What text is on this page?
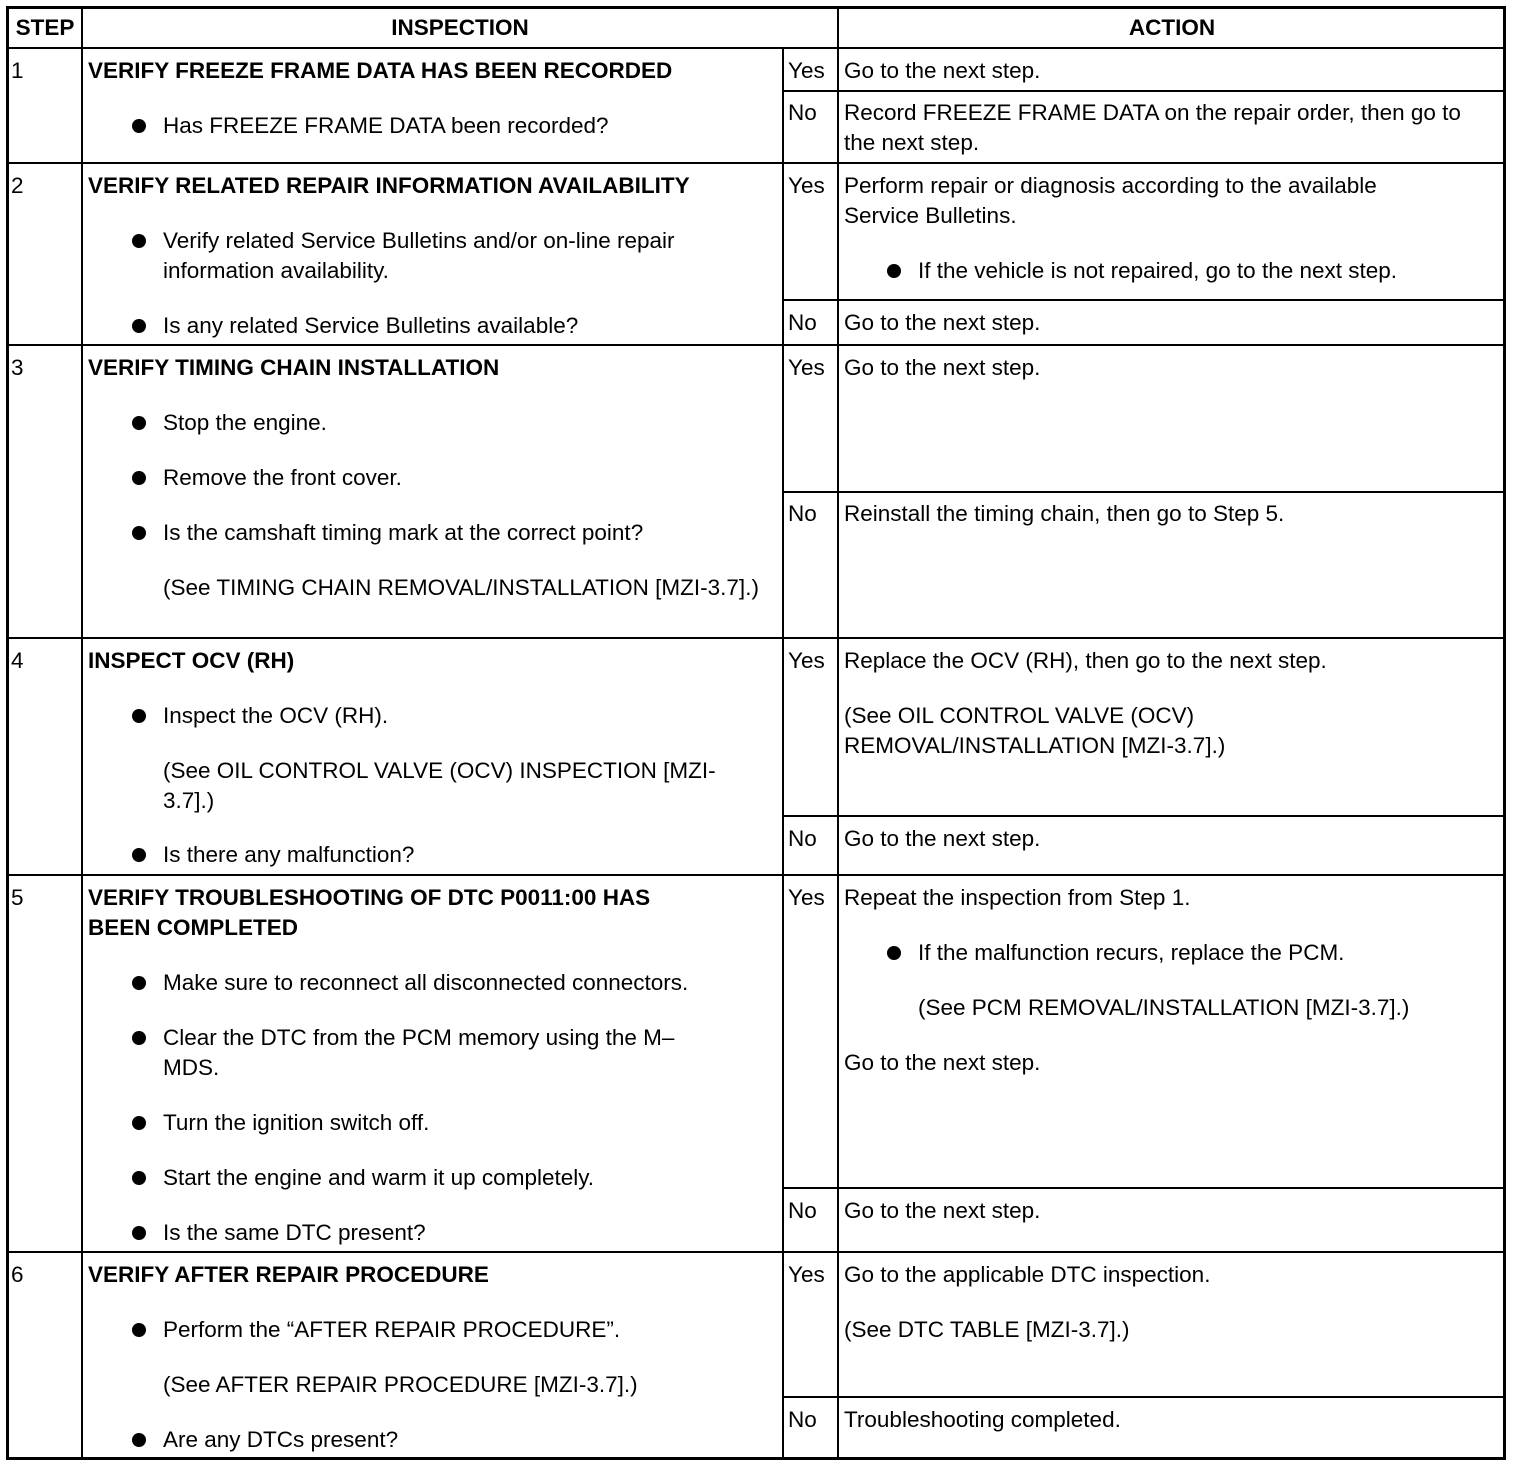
STEP	INSPECTION	ACTION
1	VERIFY FREEZE FRAME DATA HAS BEEN RECORDED
Has FREEZE FRAME DATA been recorded?
Yes Go to the next step.
No Record FREEZE FRAME DATA on the repair order, then go to the next step.
2	VERIFY RELATED REPAIR INFORMATION AVAILABILITY
Verify related Service Bulletins and/or on-line repair information availability.
Is any related Service Bulletins available?
Yes Perform repair or diagnosis according to the available Service Bulletins.
If the vehicle is not repaired, go to the next step.
No Go to the next step.
3	VERIFY TIMING CHAIN INSTALLATION
Stop the engine.
Remove the front cover.
Is the camshaft timing mark at the correct point?
(See TIMING CHAIN REMOVAL/INSTALLATION [MZI-3.7].)
Yes Go to the next step.
No Reinstall the timing chain, then go to Step 5.
4	INSPECT OCV (RH)
Inspect the OCV (RH).
(See OIL CONTROL VALVE (OCV) INSPECTION [MZI-3.7].)
Is there any malfunction?
Yes Replace the OCV (RH), then go to the next step.
(See OIL CONTROL VALVE (OCV) REMOVAL/INSTALLATION [MZI-3.7].)
No Go to the next step.
5	VERIFY TROUBLESHOOTING OF DTC P0011:00 HAS
BEEN COMPLETED
Make sure to reconnect all disconnected connectors.
Clear the DTC from the PCM memory using the M–MDS.
Turn the ignition switch off.
Start the engine and warm it up completely.
Is the same DTC present?
Yes Repeat the inspection from Step 1.
If the malfunction recurs, replace the PCM.
(See PCM REMOVAL/INSTALLATION [MZI-3.7].)
Go to the next step.
No Go to the next step.
6	VERIFY AFTER REPAIR PROCEDURE
Perform the “AFTER REPAIR PROCEDURE”.
(See AFTER REPAIR PROCEDURE [MZI-3.7].)
Are any DTCs present?
Yes Go to the applicable DTC inspection.
(See DTC TABLE [MZI-3.7].)
No Troubleshooting completed.
